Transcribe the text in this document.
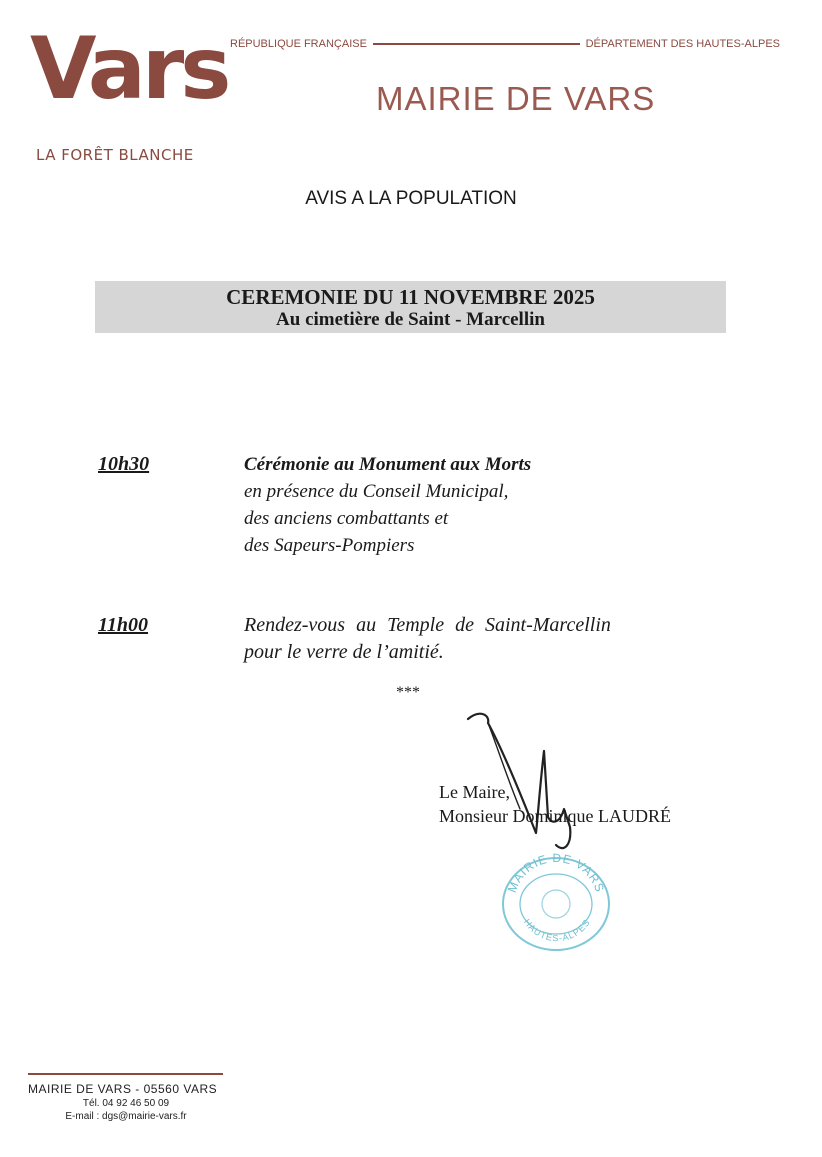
Vars
LA FORÊT BLANCHE
RÉPUBLIQUE FRANÇAISE	DÉPARTEMENT DES HAUTES-ALPES
MAIRIE DE VARS
AVIS A LA POPULATION
CEREMONIE DU 11 NOVEMBRE 2025
Au cimetière de Saint - Marcellin
10h30	Cérémonie au Monument aux Morts
en présence du Conseil Municipal,
des anciens combattants et
des Sapeurs-Pompiers
11h00	Rendez-vous au Temple de Saint-Marcellin
pour le verre de l’amitié.
***
Le Maire,
Monsieur Dominique LAUDRÉ
MAIRIE DE VARS
HAUTES-ALPES
MAIRIE DE VARS - 05560 VARS
Tél. 04 92 46 50 09
E-mail : dgs@mairie-vars.fr
